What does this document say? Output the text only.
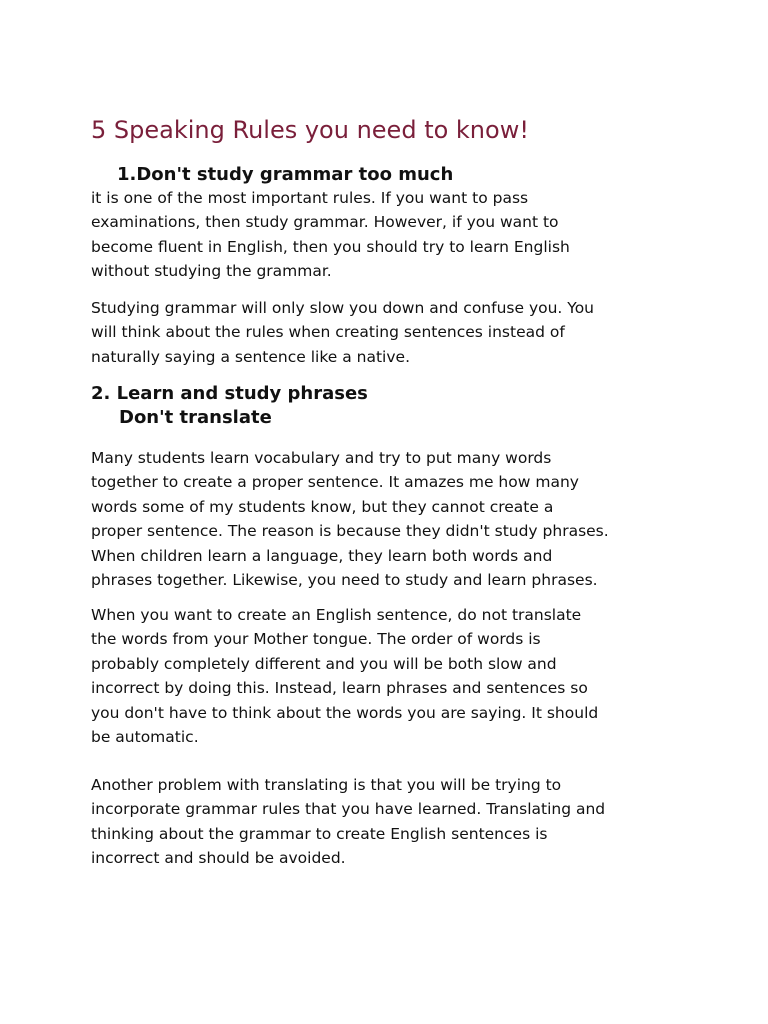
5 Speaking Rules you need to know!
1.Don't study grammar too much

it is one of the most important rules. If you want to pass
examinations, then study grammar. However, if you want to
become fluent in English, then you should try to learn English
without studying the grammar.

Studying grammar will only slow you down and confuse you. You
will think about the rules when creating sentences instead of
naturally saying a sentence like a native.

2. Learn and study phrases
Don't translate

Many students learn vocabulary and try to put many words
together to create a proper sentence. It amazes me how many
words some of my students know, but they cannot create a
proper sentence. The reason is because they didn't study phrases.
When children learn a language, they learn both words and
phrases together. Likewise, you need to study and learn phrases.

When you want to create an English sentence, do not translate
the words from your Mother tongue. The order of words is
probably completely different and you will be both slow and
incorrect by doing this. Instead, learn phrases and sentences so
you don't have to think about the words you are saying. It should
be automatic.

Another problem with translating is that you will be trying to
incorporate grammar rules that you have learned. Translating and
thinking about the grammar to create English sentences is
incorrect and should be avoided.
